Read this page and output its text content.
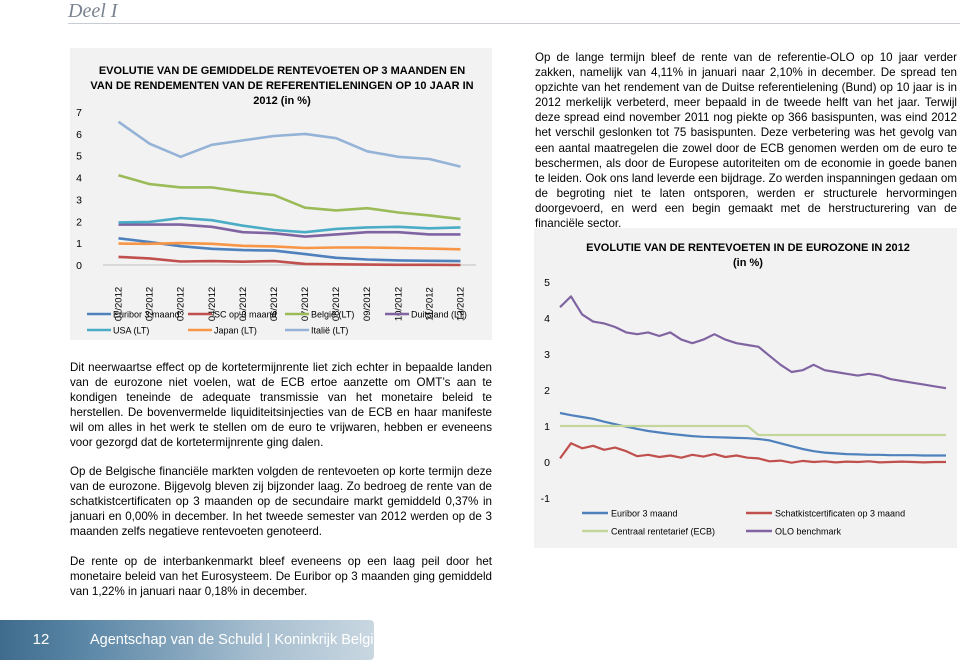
Deel I
EVOLUTIE VAN DE GEMIDDELDE RENTEVOETEN OP 3 MAANDEN EN VAN DE RENDEMENTEN VAN DE REFERENTIELENINGEN OP 10 JAAR IN 2012 (in %)
0
1
2
3
4
5
6
7
01/2012 02/2012 03/2012 04/2012 05/2012 06/2012 07/2012 08/2012 09/2012 10/2012 11/2012 12/2012
Euribor 3 maand	SC op 3 maand	België (LT)	Duitsland (LT)
USA (LT)	Japan (LT)	Italië (LT)
EVOLUTIE VAN DE RENTEVOETEN IN DE EUROZONE IN 2012
(in %)
-1
0
1
2
3
4
5
Euribor 3 maand	Schatkistcertificaten op 3 maand
Centraal rentetarief (ECB)	OLO benchmark
Op de lange termijn bleef de rente van de referentie-OLO op 10 jaar verder zakken, namelijk van 4,11% in januari naar 2,10% in december. De spread ten opzichte van het rendement van de Duitse referentielening (Bund) op 10 jaar is in 2012 merkelijk verbeterd, meer bepaald in de tweede helft van het jaar. Terwijl deze spread eind november 2011 nog piekte op 366 basispunten, was eind 2012 het verschil geslonken tot 75 basispunten. Deze verbetering was het gevolg van een aantal maatregelen die zowel door de ECB genomen werden om de euro te beschermen, als door de Europese autoriteiten om de economie in goede banen te leiden. Ook ons land leverde een bijdrage. Zo werden inspanningen gedaan om de begroting niet te laten ontsporen, werden er structurele hervormingen doorgevoerd, en werd een begin gemaakt met de herstructurering van de financiële sector.
Dit neerwaartse effect op de kortetermijnrente liet zich echter in bepaalde landen van de eurozone niet voelen, wat de ECB ertoe aanzette om OMT’s aan te kondigen teneinde de adequate transmissie van het monetaire beleid te herstellen. De bovenvermelde liquiditeitsinjecties van de ECB en haar manifeste wil om alles in het werk te stellen om de euro te vrijwaren, hebben er eveneens voor gezorgd dat de kortetermijnrente ging dalen.
Op de Belgische financiële markten volgden de rentevoeten op korte termijn deze van de eurozone. Bijgevolg bleven zij bijzonder laag. Zo bedroeg de rente van de schatkistcertificaten op 3 maanden op de secundaire markt gemiddeld 0,37% in januari en 0,00% in december. In het tweede semester van 2012 werden op de 3 maanden zelfs negatieve rentevoeten genoteerd.
De rente op de interbankenmarkt bleef eveneens op een laag peil door het monetaire beleid van het Eurosysteem. De Euribor op 3 maanden ging gemiddeld van 1,22% in januari naar 0,18% in december.
12	Agentschap van de Schuld | Koninkrijk België
